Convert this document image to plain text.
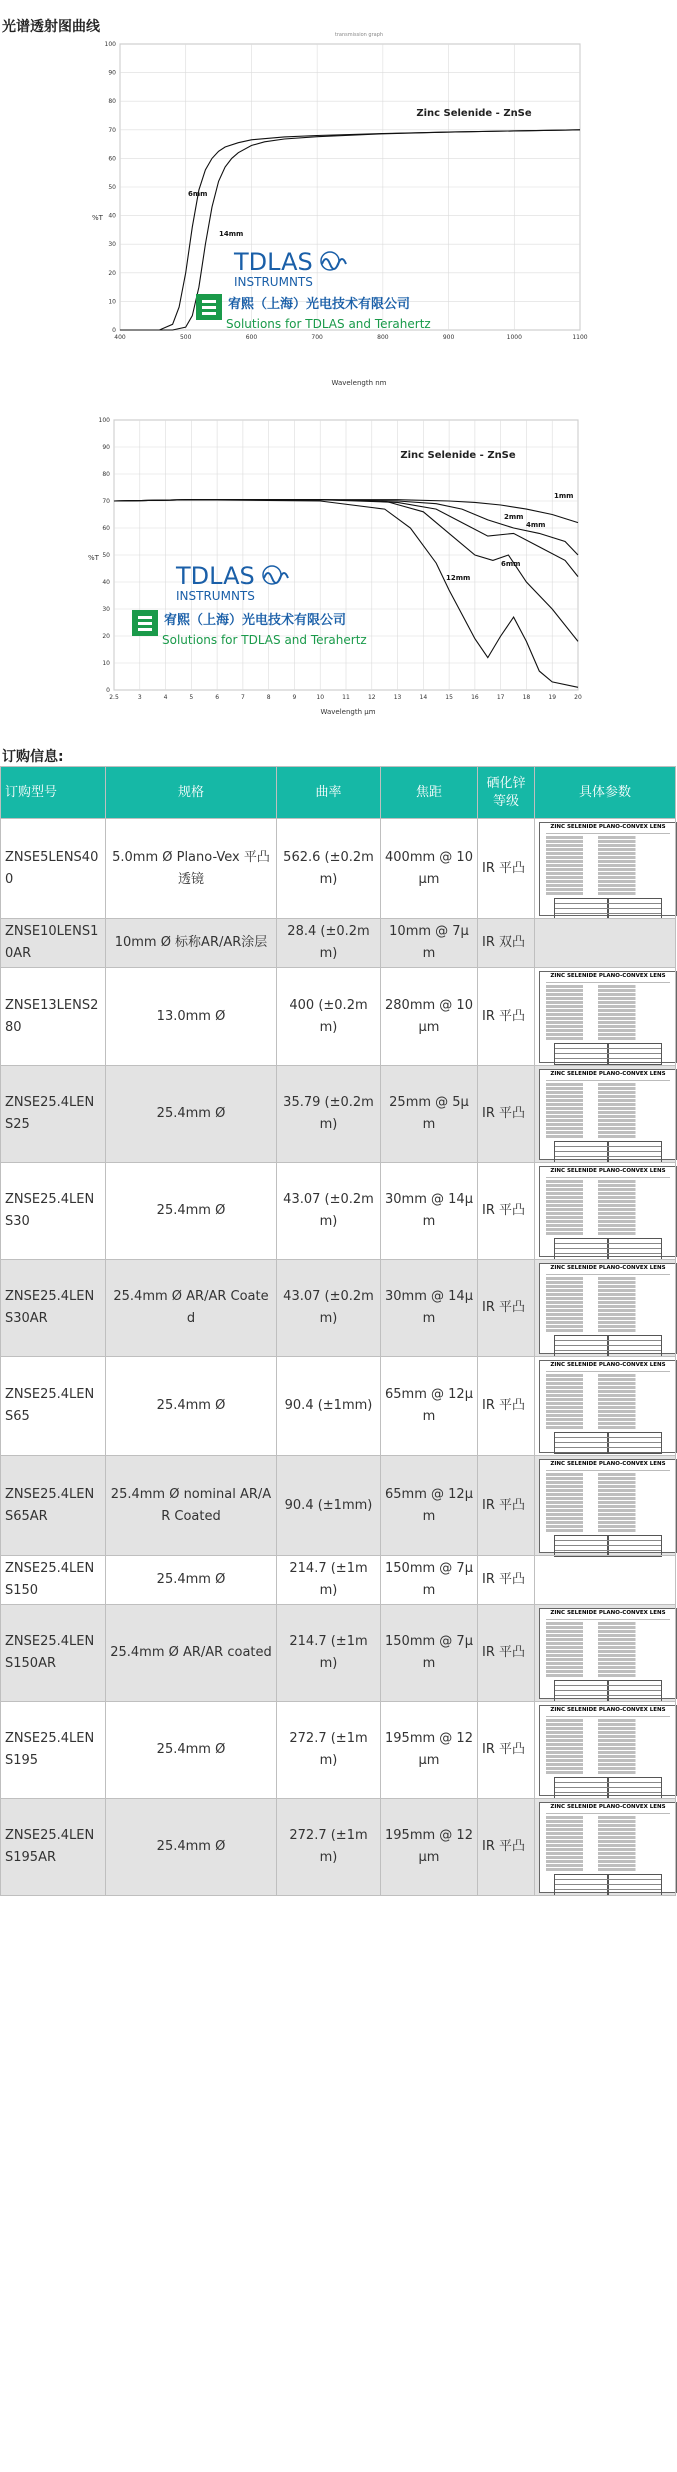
光谱透射图曲线	transmission graph
0
10
20
30
40
50
60
70
80
90
100
400	500	600	700	800	900	1000	1100
Zinc Selenide - ZnSe
6mm
14mm
%T
Wavelength nm
TDLAS
INSTRUMNTS
宥熙（上海）光电技术有限公司
Solutions for TDLAS and Terahertz
0
10
20
30
40
50
60
70
80
90
100
2.5	3	4	5	6	7	8	9	10	11	12	13	14	15	16	17	18	19	20
Zinc Selenide - ZnSe
1mm
2mm
4mm
6mm
12mm
%T
Wavelength µm
TDLAS
INSTRUMNTS
宥熙（上海）光电技术有限公司
Solutions for TDLAS and Terahertz
订购信息:
订购型号	规格	曲率	焦距	硒化锌等级	具体参数
ZNSE5LENS400	5.0mm Ø Plano-Vex 平凸透镜	562.6 (±0.2mm)	400mm @ 10μm	IR 平凸	ZINC SELENIDE PLANO-CONVEX LENS

ZNSE10LENS10AR	10mm Ø 标称AR/AR涂层	28.4 (±0.2mm)	10mm @ 7μm	IR 双凸	
ZNSE13LENS280	13.0mm Ø	400 (±0.2mm)	280mm @ 10μm	IR 平凸	ZINC SELENIDE PLANO-CONVEX LENS

ZNSE25.4LENS25	25.4mm Ø	35.79 (±0.2mm)	25mm @ 5μm	IR 平凸	ZINC SELENIDE PLANO-CONVEX LENS

ZNSE25.4LENS30	25.4mm Ø	43.07 (±0.2mm)	30mm @ 14μm	IR 平凸	ZINC SELENIDE PLANO-CONVEX LENS

ZNSE25.4LENS30AR	25.4mm Ø AR/AR Coated	43.07 (±0.2mm)	30mm @ 14μm	IR 平凸	ZINC SELENIDE PLANO-CONVEX LENS

ZNSE25.4LENS65	25.4mm Ø	90.4 (±1mm)	65mm @ 12μm	IR 平凸	ZINC SELENIDE PLANO-CONVEX LENS

ZNSE25.4LENS65AR	25.4mm Ø nominal AR/AR Coated	90.4 (±1mm)	65mm @ 12μm	IR 平凸	ZINC SELENIDE PLANO-CONVEX LENS

ZNSE25.4LENS150	25.4mm Ø	214.7 (±1mm)	150mm @ 7μm	IR 平凸	
ZNSE25.4LENS150AR	25.4mm Ø AR/AR coated	214.7 (±1mm)	150mm @ 7μm	IR 平凸	ZINC SELENIDE PLANO-CONVEX LENS

ZNSE25.4LENS195	25.4mm Ø	272.7 (±1mm)	195mm @ 12μm	IR 平凸	ZINC SELENIDE PLANO-CONVEX LENS

ZNSE25.4LENS195AR	25.4mm Ø	272.7 (±1mm)	195mm @ 12μm	IR 平凸	ZINC SELENIDE PLANO-CONVEX LENS
